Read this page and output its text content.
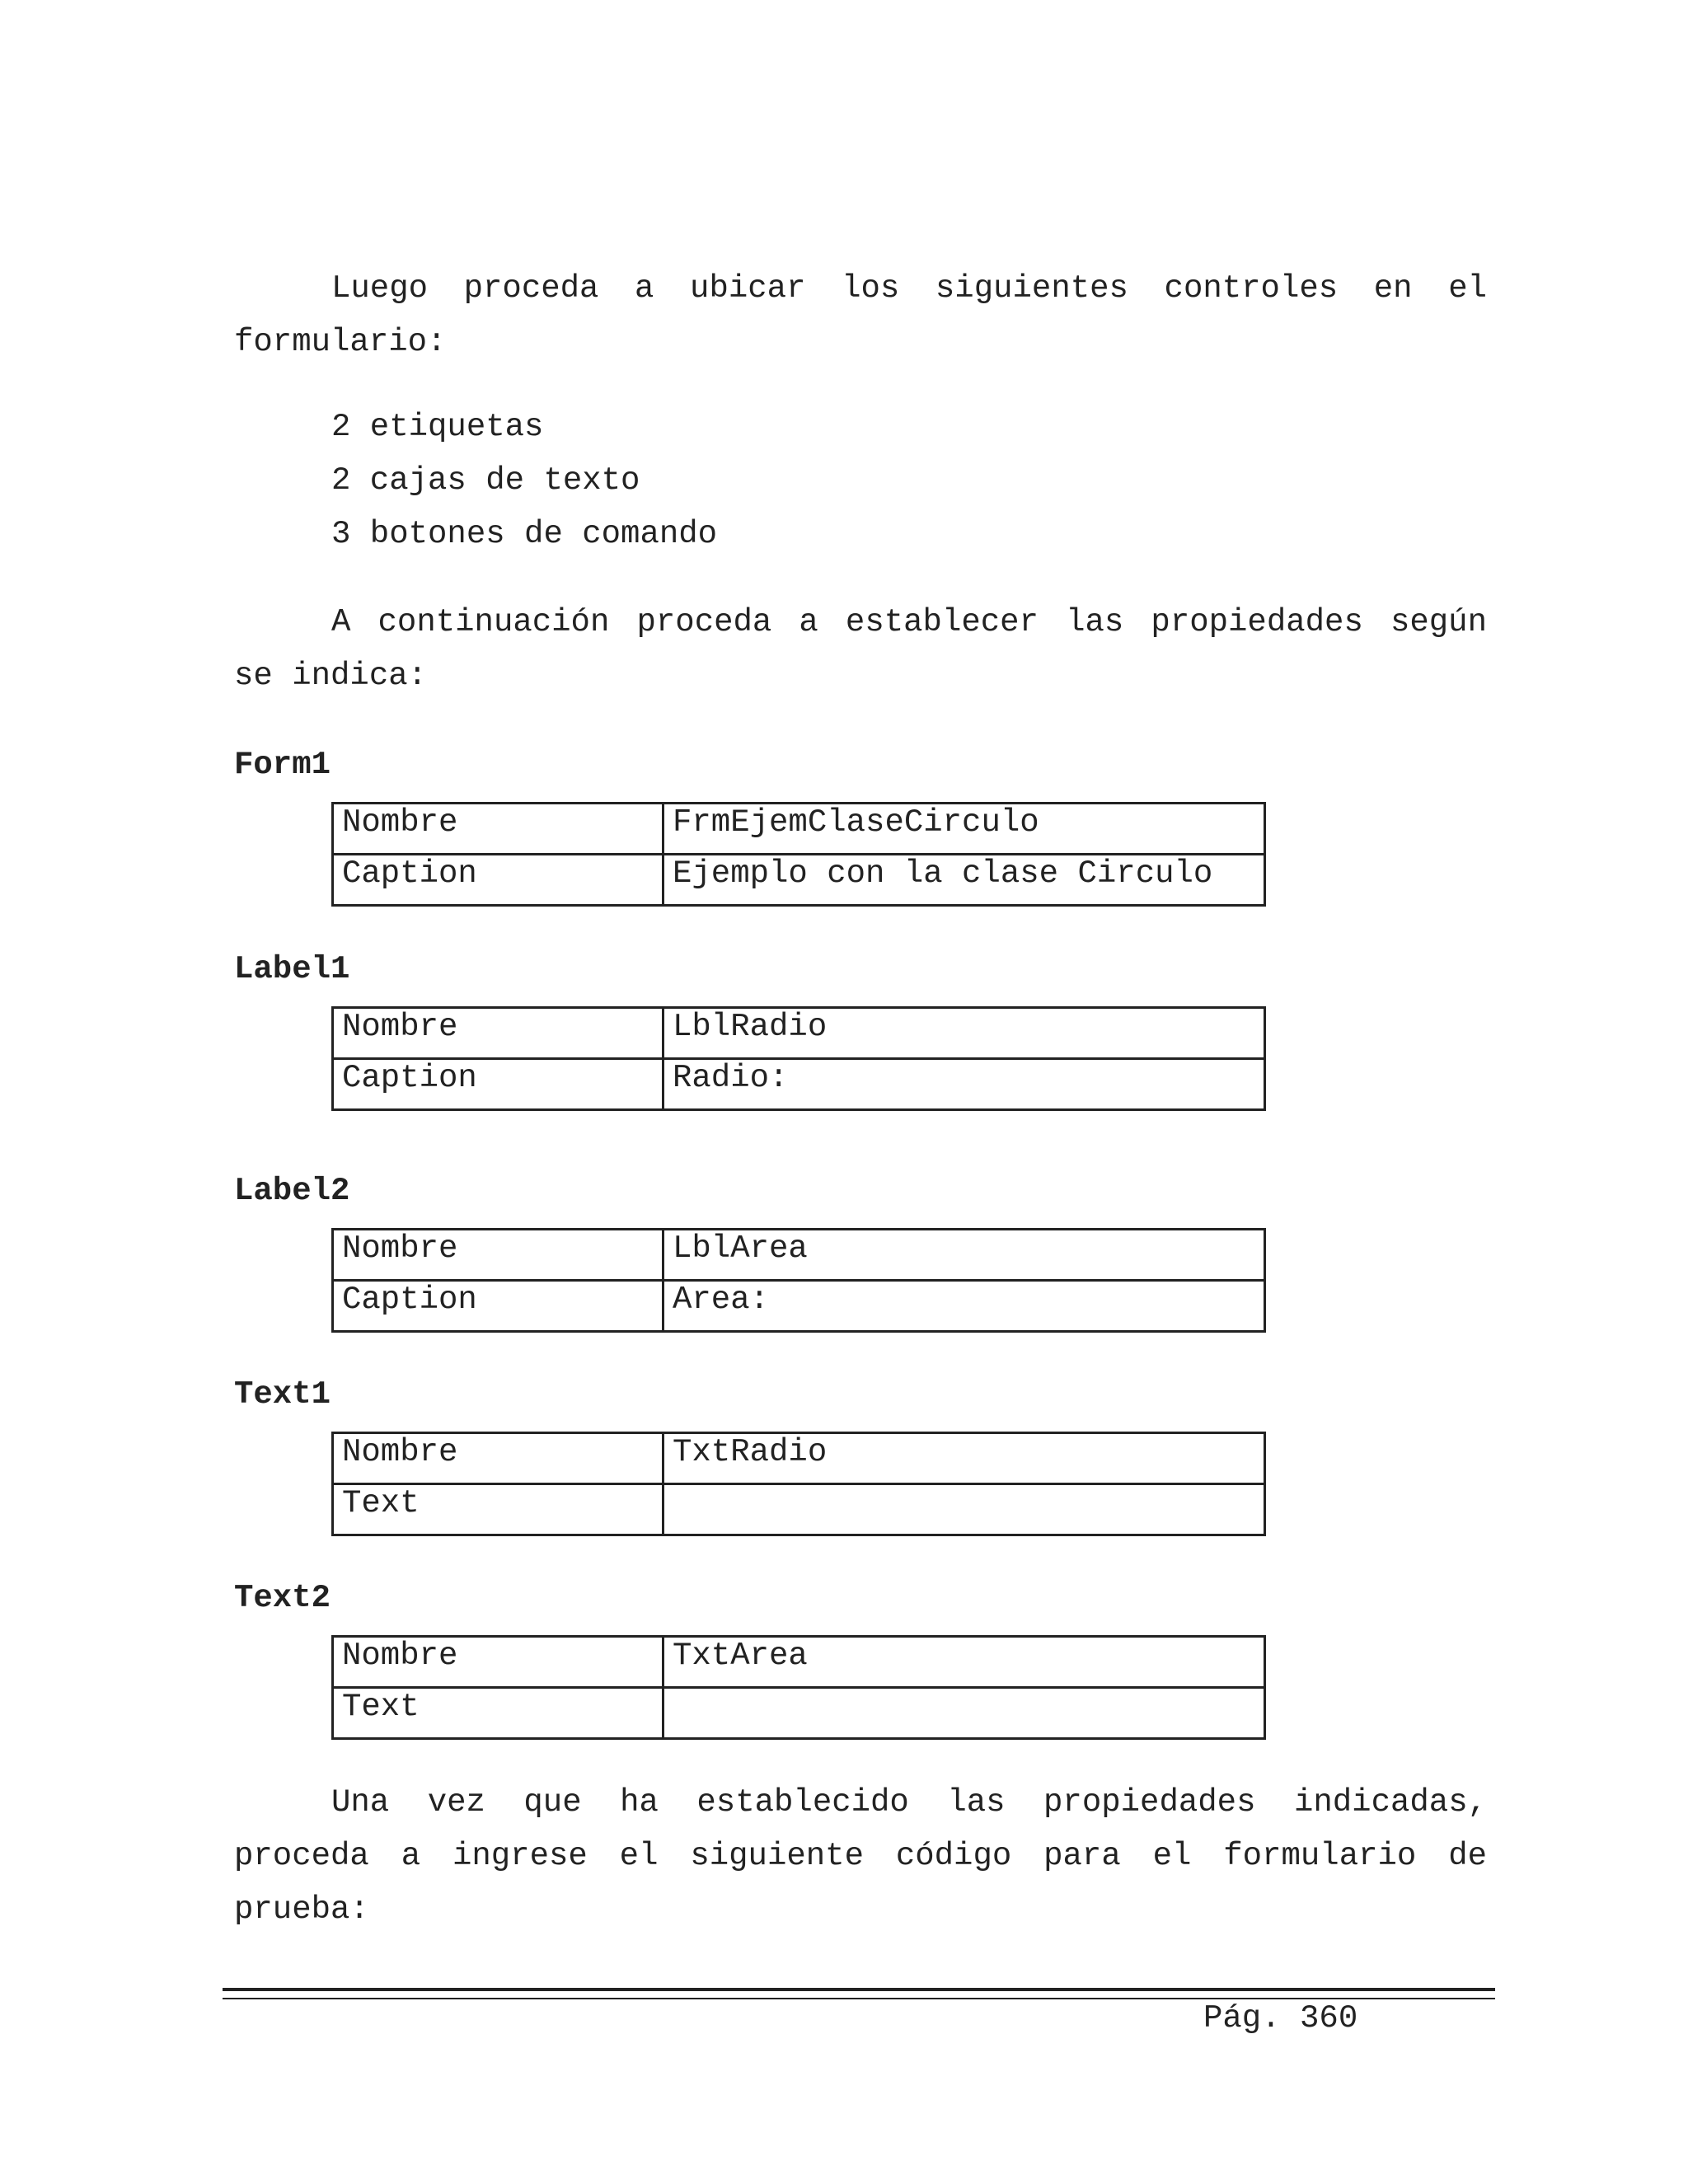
Luego proceda a ubicar los siguientes controles en el formulario:

2 etiquetas
2 cajas de texto
3 botones de comando

A continuación proceda a establecer las propiedades según se indica:

Form1
Nombre	FrmEjemClaseCirculo
Caption	Ejemplo con la clase Circulo
Label1
Nombre	LblRadio
Caption	Radio:
Label2
Nombre	LblArea
Caption	Area:
Text1
Nombre	TxtRadio
Text	
Text2
Nombre	TxtArea
Text	

Una vez que ha establecido las propiedades indicadas, proceda a ingrese el siguiente código para el formulario de prueba:

Pág. 360
